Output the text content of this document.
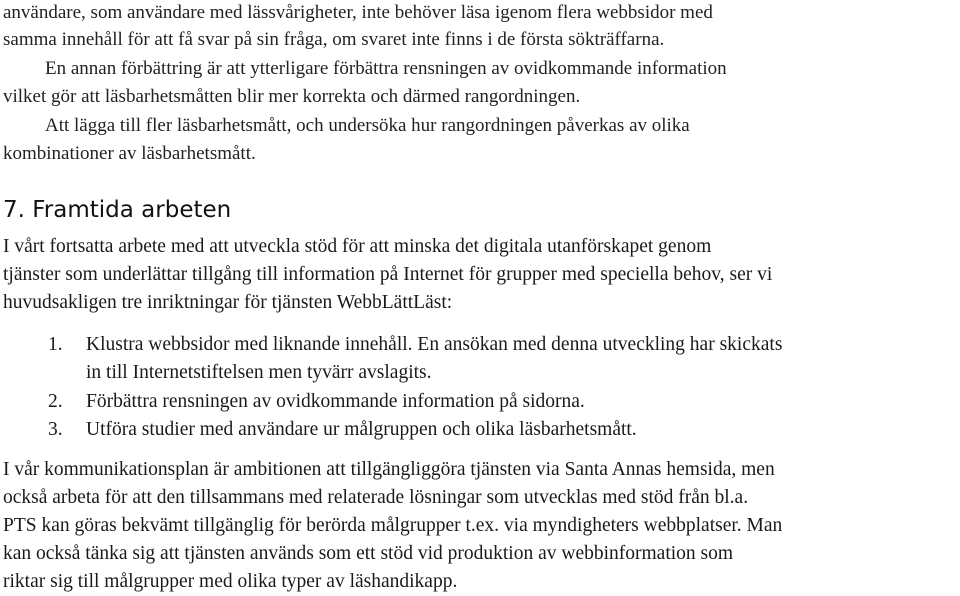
användare, som användare med lässvårigheter, inte behöver läsa igenom flera webbsidor med
samma innehåll för att få svar på sin fråga, om svaret inte finns i de första sökträffarna.
En annan förbättring är att ytterligare förbättra rensningen av ovidkommande information
vilket gör att läsbarhetsmåtten blir mer korrekta och därmed rangordningen.
Att lägga till fler läsbarhetsmått, och undersöka hur rangordningen påverkas av olika
kombinationer av läsbarhetsmått.
7. Framtida arbeten
I vårt fortsatta arbete med att utveckla stöd för att minska det digitala utanförskapet genom
tjänster som underlättar tillgång till information på Internet för grupper med speciella behov, ser vi
huvudsakligen tre inriktningar för tjänsten WebbLättLäst:
1. Klustra webbsidor med liknande innehåll. En ansökan med denna utveckling har skickats
in till Internetstiftelsen men tyvärr avslagits.
2. Förbättra rensningen av ovidkommande information på sidorna.
3. Utföra studier med användare ur målgruppen och olika läsbarhetsmått.
I vår kommunikationsplan är ambitionen att tillgängliggöra tjänsten via Santa Annas hemsida, men
också arbeta för att den tillsammans med relaterade lösningar som utvecklas med stöd från bl.a.
PTS kan göras bekvämt tillgänglig för berörda målgrupper t.ex. via myndigheters webbplatser. Man
kan också tänka sig att tjänsten används som ett stöd vid produktion av webbinformation som
riktar sig till målgrupper med olika typer av läshandikapp.
